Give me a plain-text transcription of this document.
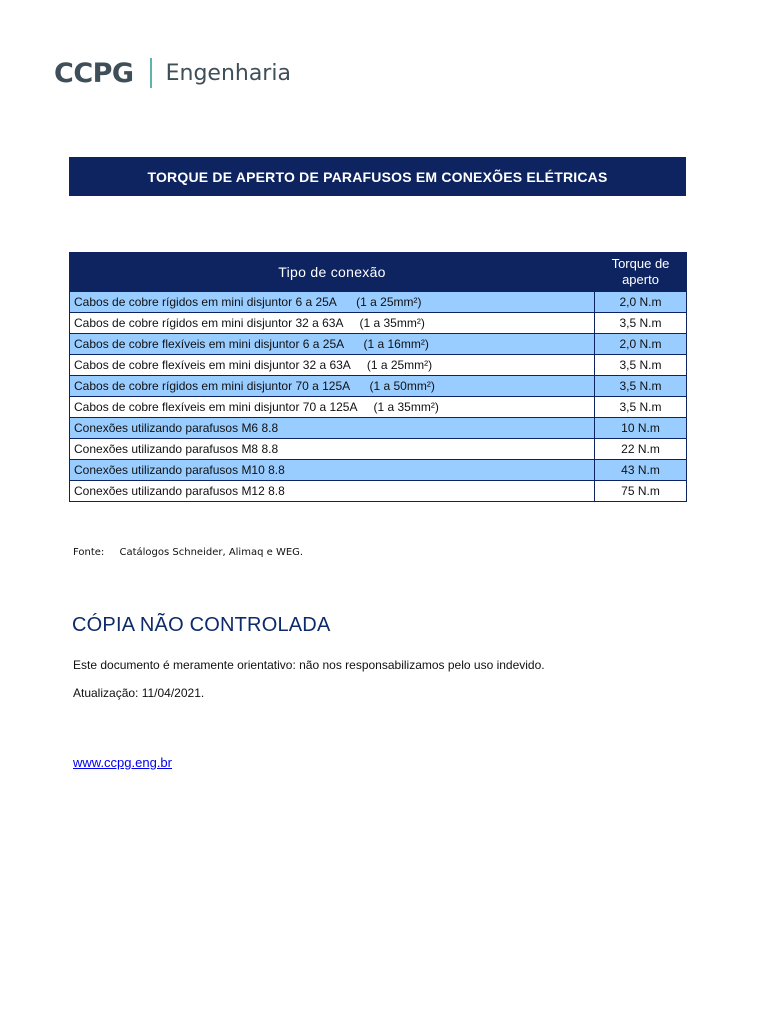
CCPG Engenharia
TORQUE DE APERTO DE PARAFUSOS EM CONEXÕES ELÉTRICAS
Tipo de conexão	Torque de aperto
Cabos de cobre rígidos em mini disjuntor 6 a 25A      (1 a 25mm²)	2,0 N.m
Cabos de cobre rígidos em mini disjuntor 32 a 63A     (1 a 35mm²)	3,5 N.m
Cabos de cobre flexíveis em mini disjuntor 6 a 25A      (1 a 16mm²)	2,0 N.m
Cabos de cobre flexíveis em mini disjuntor 32 a 63A     (1 a 25mm²)	3,5 N.m
Cabos de cobre rígidos em mini disjuntor 70 a 125A      (1 a 50mm²)	3,5 N.m
Cabos de cobre flexíveis em mini disjuntor 70 a 125A     (1 a 35mm²)	3,5 N.m
Conexões utilizando parafusos M6 8.8	10 N.m
Conexões utilizando parafusos M8 8.8	22 N.m
Conexões utilizando parafusos M10 8.8	43 N.m
Conexões utilizando parafusos M12 8.8	75 N.m
Fonte: Catálogos Schneider, Alimaq e WEG.
CÓPIA NÃO CONTROLADA
Este documento é meramente orientativo: não nos responsabilizamos pelo uso indevido.
Atualização: 11/04/2021.
www.ccpg.eng.br
